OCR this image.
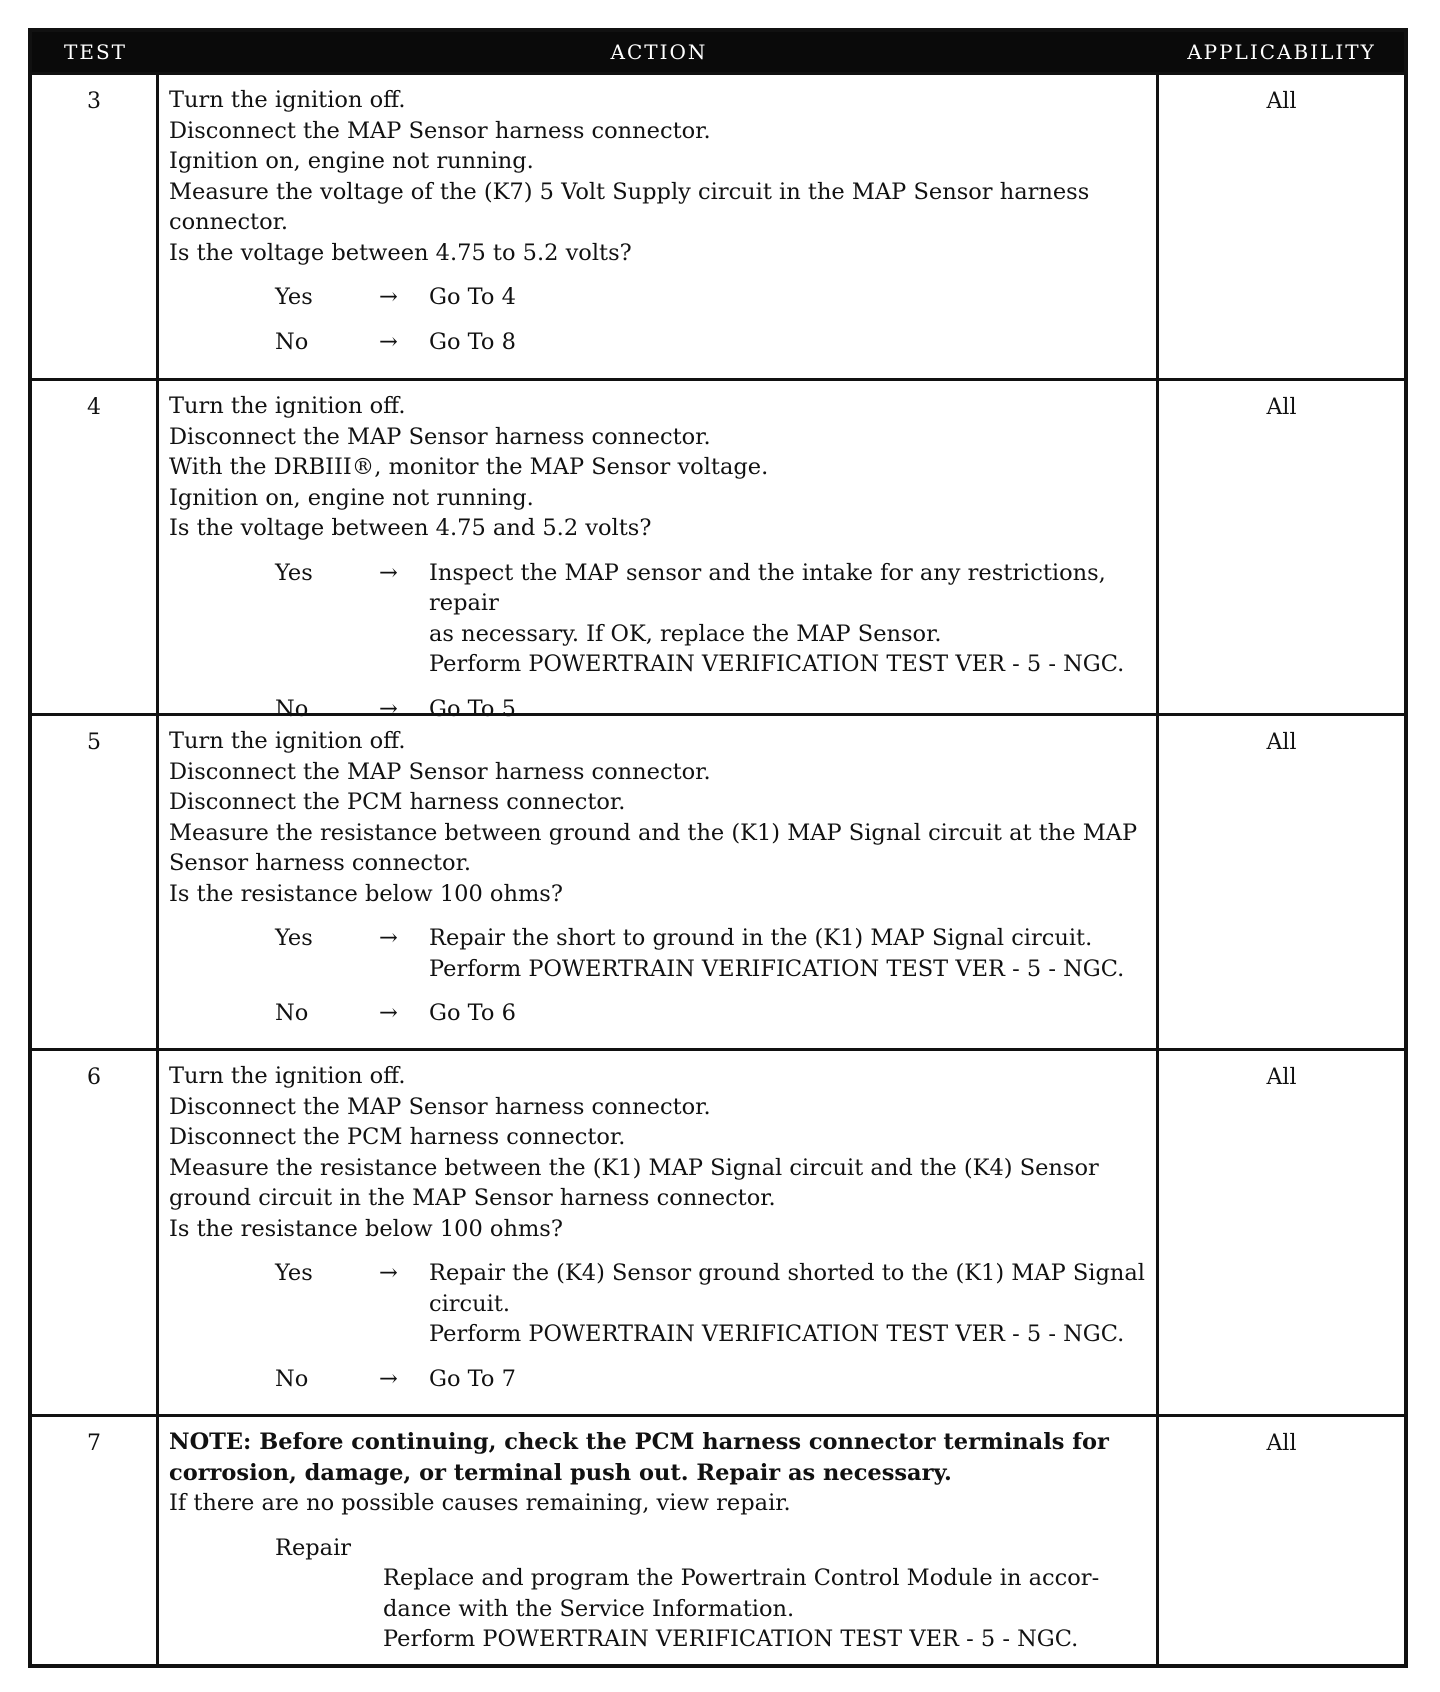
TEST	ACTION	APPLICABILITY
3	Turn the ignition off.
Disconnect the MAP Sensor harness connector.
Ignition on, engine not running.
Measure the voltage of the (K7) 5 Volt Supply circuit in the MAP Sensor harness
connector.
Is the voltage between 4.75 to 5.2 volts?
Yes	→	Go To 4
No	→	Go To 8
All
4	Turn the ignition off.
Disconnect the MAP Sensor harness connector.
With the DRBIII®, monitor the MAP Sensor voltage.
Ignition on, engine not running.
Is the voltage between 4.75 and 5.2 volts?
Yes	→	Inspect the MAP sensor and the intake for any restrictions, repair
as necessary. If OK, replace the MAP Sensor.
Perform POWERTRAIN VERIFICATION TEST VER - 5 - NGC.
No	→	Go To 5
All
5	Turn the ignition off.
Disconnect the MAP Sensor harness connector.
Disconnect the PCM harness connector.
Measure the resistance between ground and the (K1) MAP Signal circuit at the MAP
Sensor harness connector.
Is the resistance below 100 ohms?
Yes	→	Repair the short to ground in the (K1) MAP Signal circuit.
Perform POWERTRAIN VERIFICATION TEST VER - 5 - NGC.
No	→	Go To 6
All
6	Turn the ignition off.
Disconnect the MAP Sensor harness connector.
Disconnect the PCM harness connector.
Measure the resistance between the (K1) MAP Signal circuit and the (K4) Sensor
ground circuit in the MAP Sensor harness connector.
Is the resistance below 100 ohms?
Yes	→	Repair the (K4) Sensor ground shorted to the (K1) MAP Signal
circuit.
Perform POWERTRAIN VERIFICATION TEST VER - 5 - NGC.
No	→	Go To 7
All
7	NOTE: Before continuing, check the PCM harness connector terminals for
corrosion, damage, or terminal push out. Repair as necessary.
If there are no possible causes remaining, view repair.
Repair
Replace and program the Powertrain Control Module in accor-
dance with the Service Information.
Perform POWERTRAIN VERIFICATION TEST VER - 5 - NGC.
All
